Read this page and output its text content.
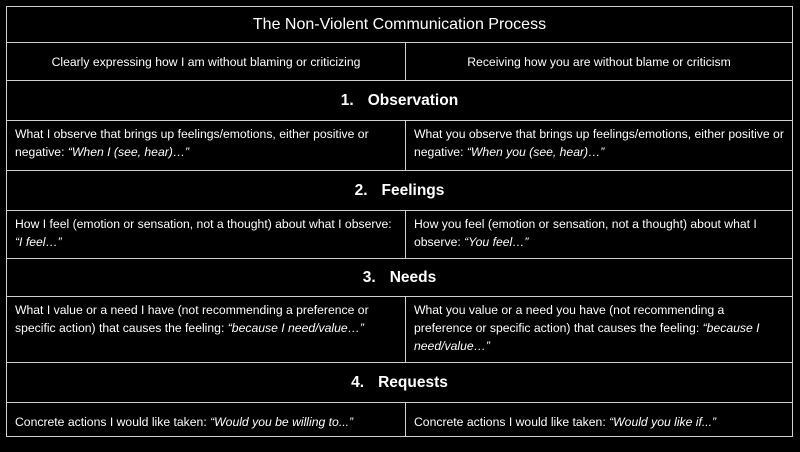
The Non-Violent Communication Process
Clearly expressing how I am without blaming or criticizing	Receiving how you are without blame or criticism
1. Observation
What I observe that brings up feelings/emotions, either positive or negative: “When I (see, hear)…”
What you observe that brings up feelings/emotions, either positive or negative: “When you (see, hear)…”
2. Feelings
How I feel (emotion or sensation, not a thought) about what I observe: “I feel…”
How you feel (emotion or sensation, not a thought) about what I observe: “You feel…”
3. Needs
What I value or a need I have (not recommending a preference or specific action) that causes the feeling: “because I need/value…”
What you value or a need you have (not recommending a preference or specific action) that causes the feeling: “because I need/value…”
4. Requests
Concrete actions I would like taken: “Would you be willing to...”	Concrete actions I would like taken: “Would you like if...”
